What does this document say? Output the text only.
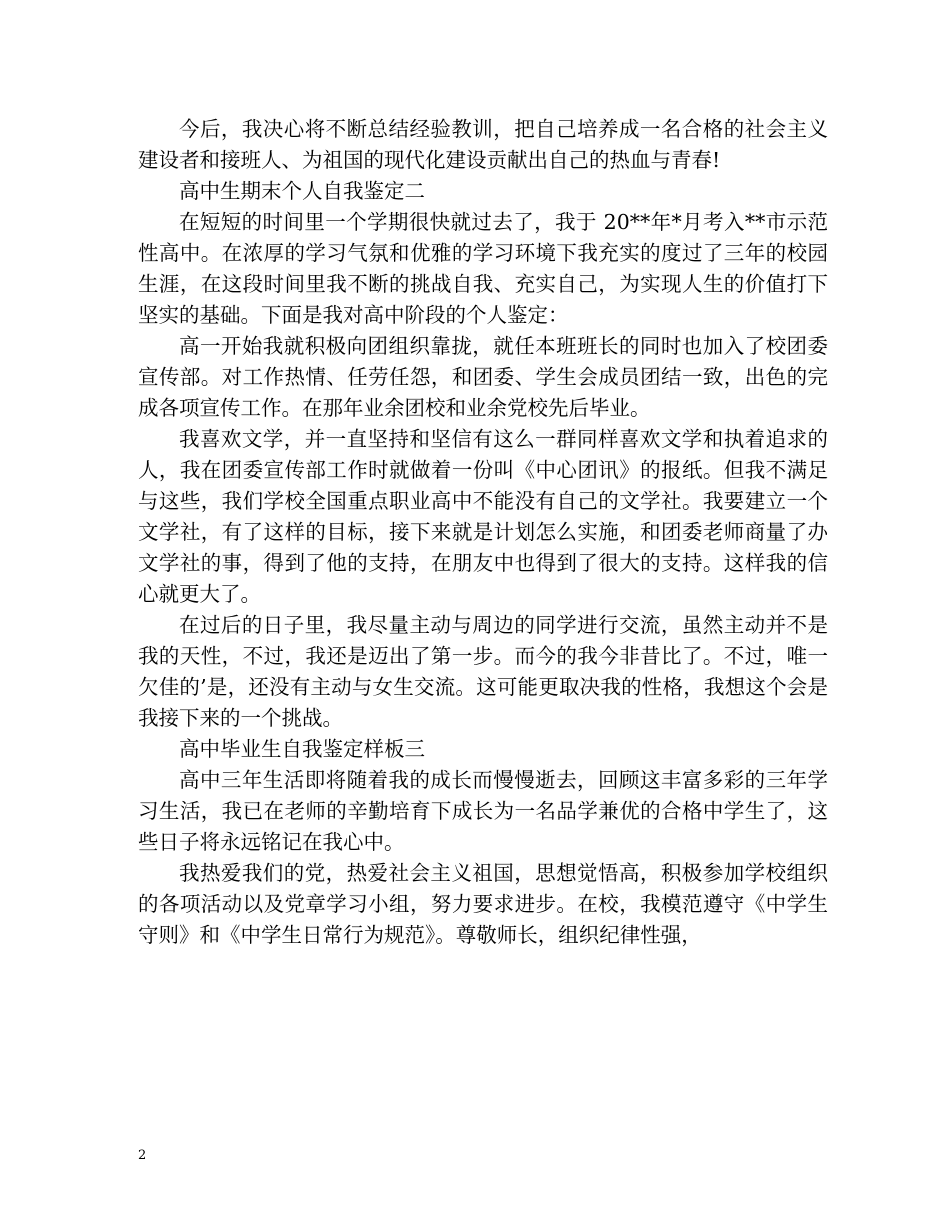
今后，我决心将不断总结经验教训，把自己培养成一名合格的社会主义建设者和接班人、为祖国的现代化建设贡献出自己的热血与青春!

高中生期末个人自我鉴定二

在短短的时间里一个学期很快就过去了，我于 20**年*月考入**市示范性高中。在浓厚的学习气氛和优雅的学习环境下我充实的度过了三年的校园生涯，在这段时间里我不断的挑战自我、充实自己，为实现人生的价值打下坚实的基础。下面是我对高中阶段的个人鉴定：

高一开始我就积极向团组织靠拢，就任本班班长的同时也加入了校团委宣传部。对工作热情、任劳任怨，和团委、学生会成员团结一致，出色的完成各项宣传工作。在那年业余团校和业余党校先后毕业。

我喜欢文学，并一直坚持和坚信有这么一群同样喜欢文学和执着追求的人，我在团委宣传部工作时就做着一份叫《中心团讯》的报纸。但我不满足与这些，我们学校全国重点职业高中不能没有自己的文学社。我要建立一个文学社，有了这样的目标，接下来就是计划怎么实施，和团委老师商量了办文学社的事，得到了他的支持，在朋友中也得到了很大的支持。这样我的信心就更大了。

在过后的日子里，我尽量主动与周边的同学进行交流，虽然主动并不是我的天性，不过，我还是迈出了第一步。而今的我今非昔比了。不过，唯一欠佳的’是，还没有主动与女生交流。这可能更取决我的性格，我想这个会是我接下来的一个挑战。

高中毕业生自我鉴定样板三

高中三年生活即将随着我的成长而慢慢逝去，回顾这丰富多彩的三年学习生活，我已在老师的辛勤培育下成长为一名品学兼优的合格中学生了，这些日子将永远铭记在我心中。

我热爱我们的党，热爱社会主义祖国，思想觉悟高，积极参加学校组织的各项活动以及党章学习小组，努力要求进步。在校，我模范遵守《中学生守则》和《中学生日常行为规范》。尊敬师长，组织纪律性强，

2
